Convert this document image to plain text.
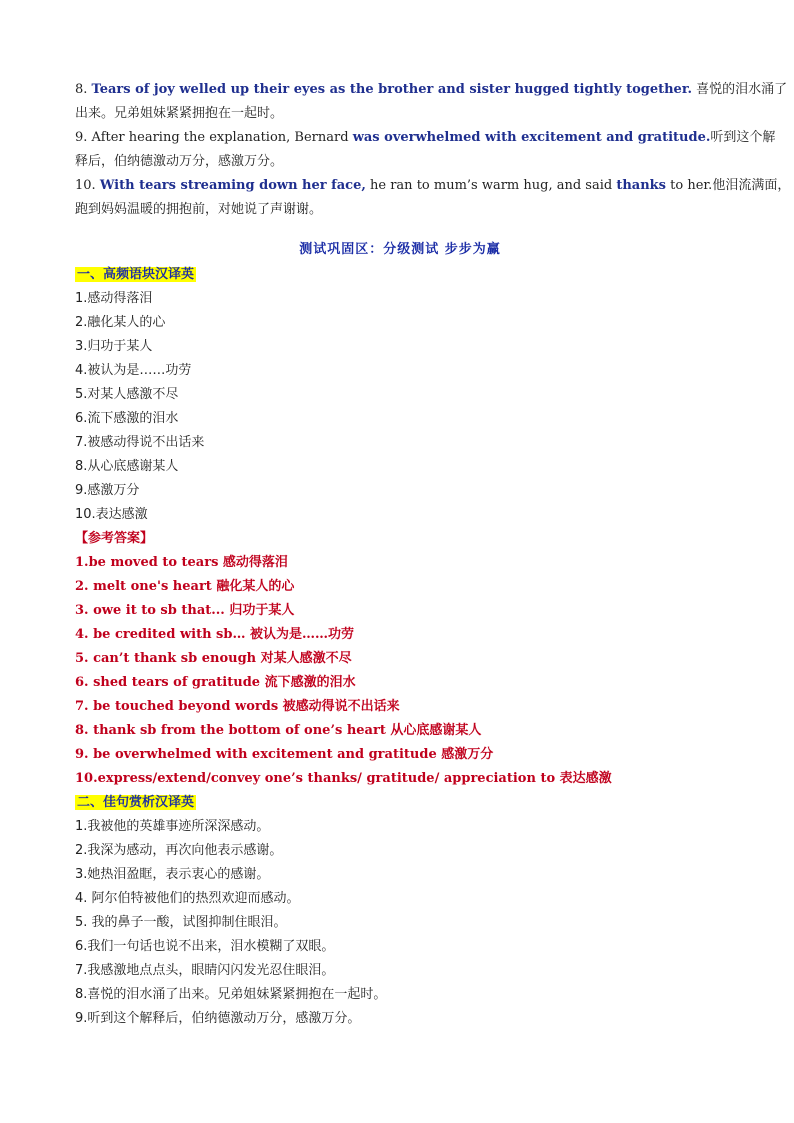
8. Tears of joy welled up their eyes as the brother and sister hugged tightly together. 喜悦的泪水涌了
出来。兄弟姐妹紧紧拥抱在一起时。
9. After hearing the explanation, Bernard was overwhelmed with excitement and gratitude.听到这个解
释后，伯纳德激动万分，感激万分。
10. With tears streaming down her face, he ran to mum’s warm hug, and said thanks to her.他泪流满面，
跑到妈妈温暖的拥抱前，对她说了声谢谢。
测试巩固区：分级测试 步步为赢
一、高频语块汉译英
1.感动得落泪
2.融化某人的心
3.归功于某人
4.被认为是……功劳
5.对某人感激不尽
6.流下感激的泪水
7.被感动得说不出话来
8.从心底感谢某人
9.感激万分
10.表达感激
【参考答案】
1.be moved to tears 感动得落泪
2. melt one's heart 融化某人的心
3. owe it to sb that... 归功于某人
4. be credited with sb… 被认为是……功劳
5. can’t thank sb enough 对某人感激不尽
6. shed tears of gratitude 流下感激的泪水
7. be touched beyond words 被感动得说不出话来
8. thank sb from the bottom of one’s heart 从心底感谢某人
9. be overwhelmed with excitement and gratitude 感激万分
10.express/extend/convey one’s thanks/ gratitude/ appreciation to 表达感激
二、佳句赏析汉译英
1.我被他的英雄事迹所深深感动。
2.我深为感动，再次向他表示感谢。
3.她热泪盈眶，表示衷心的感谢。
4. 阿尔伯特被他们的热烈欢迎而感动。
5. 我的鼻子一酸，试图抑制住眼泪。
6.我们一句话也说不出来，泪水模糊了双眼。
7.我感激地点点头，眼睛闪闪发光忍住眼泪。
8.喜悦的泪水涌了出来。兄弟姐妹紧紧拥抱在一起时。
9.听到这个解释后，伯纳德激动万分，感激万分。
